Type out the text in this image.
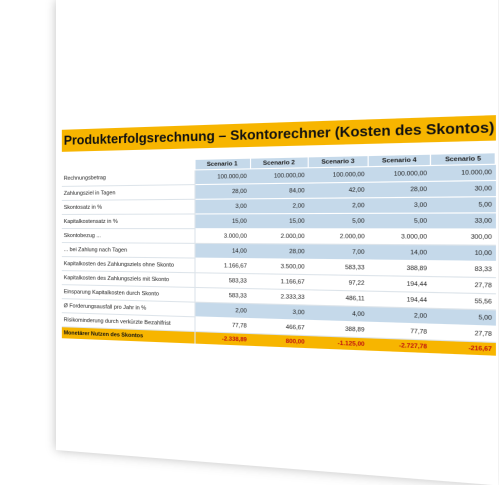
Produkterfolgsrechnung – Skontorechner (Kosten des Skontos)
	Scenario 1	Scenario 2	Scenario 3	Scenario 4	Scenario 5
Rechnungsbetrag	100.000,00	100.000,00	100.000,00	100.000,00	10.000,00
Zahlungsziel in Tagen	28,00	84,00	42,00	28,00	30,00
Skontosatz in %	3,00	2,00	2,00	3,00	5,00
Kapitalkostensatz in %	15,00	15,00	5,00	5,00	33,00
Skontobezug ...	3.000,00	2.000,00	2.000,00	3.000,00	300,00
... bei Zahlung nach Tagen	14,00	28,00	7,00	14,00	10,00
Kapitalkosten des Zahlungsziels ohne Skonto	1.166,67	3.500,00	583,33	388,89	83,33
Kapitalkosten des Zahlungsziels mit Skonto	583,33	1.166,67	97,22	194,44	27,78
Einsparung Kapitalkosten durch Skonto	583,33	2.333,33	486,11	194,44	55,56
Ø Forderungsausfall pro Jahr in %	2,00	3,00	4,00	2,00	5,00
Risikominderung durch verkürzte Bezahlfrist	77,78	466,67	388,89	77,78	27,78
Monetärer Nutzen des Skontos	-2.338,89	800,00	-1.125,00	-2.727,78	-216,67
